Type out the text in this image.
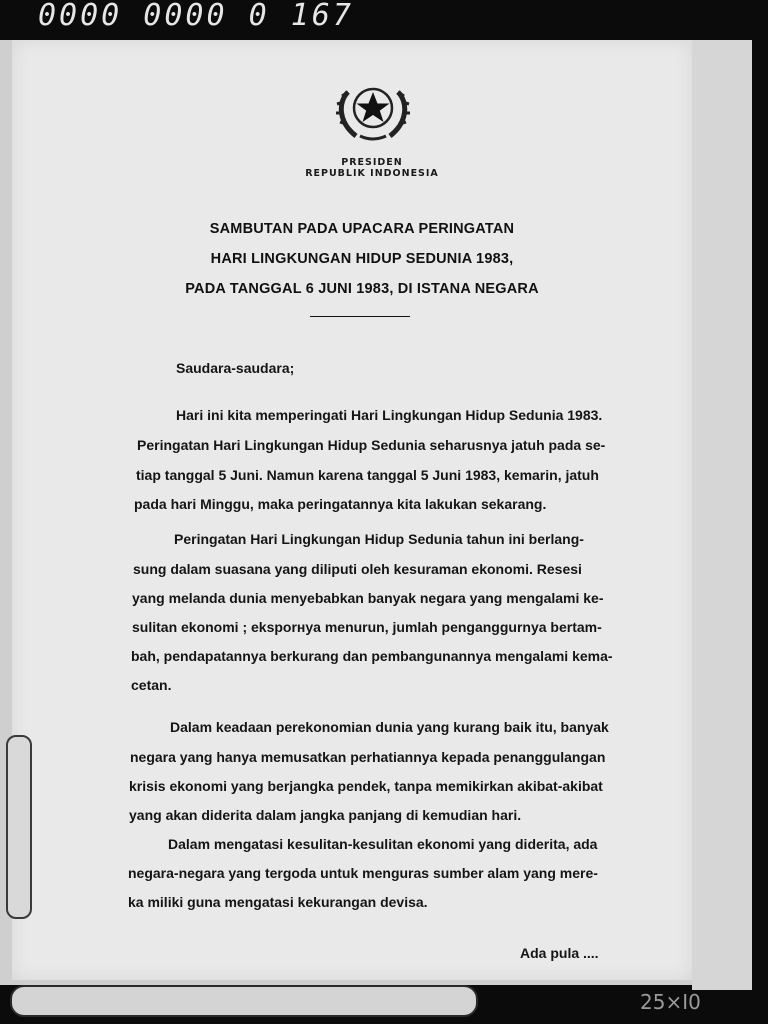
0000 0000 0 167
PRESIDEN
REPUBLIK INDONESIA
SAMBUTAN PADA UPACARA PERINGATAN
HARI LINGKUNGAN HIDUP SEDUNIA 1983,
PADA TANGGAL 6 JUNI 1983, DI ISTANA NEGARA
Saudara-saudara;
Hari ini kita memperingati Hari Lingkungan Hidup Sedunia 1983.
Peringatan Hari Lingkungan Hidup Sedunia seharusnya jatuh pada se-
tiap tanggal 5 Juni. Namun karena tanggal 5 Juni 1983, kemarin, jatuh
pada hari Minggu, maka peringatannya kita lakukan sekarang.
Peringatan Hari Lingkungan Hidup Sedunia tahun ini berlang-
sung dalam suasana yang diliputi oleh kesuraman ekonomi. Resesi
yang melanda dunia menyebabkan banyak negara yang mengalami ke-
sulitan ekonomi ; eksporнya menurun, jumlah penganggurnya bertam-
bah, pendapatannya berkurang dan pembangunannya mengalami kema-
cetan.
Dalam keadaan perekonomian dunia yang kurang baik itu, banyak
negara yang hanya memusatkan perhatiannya kepada penanggulangan
krisis ekonomi yang berjangka pendek, tanpa memikirkan akibat-akibat
yang akan diderita dalam jangka panjang di kemudian hari.
Dalam mengatasi kesulitan-kesulitan ekonomi yang diderita, ada
negara-negara yang tergoda untuk menguras sumber alam yang mere-
ka miliki guna mengatasi kekurangan devisa.
Ada pula ....
25×I0
